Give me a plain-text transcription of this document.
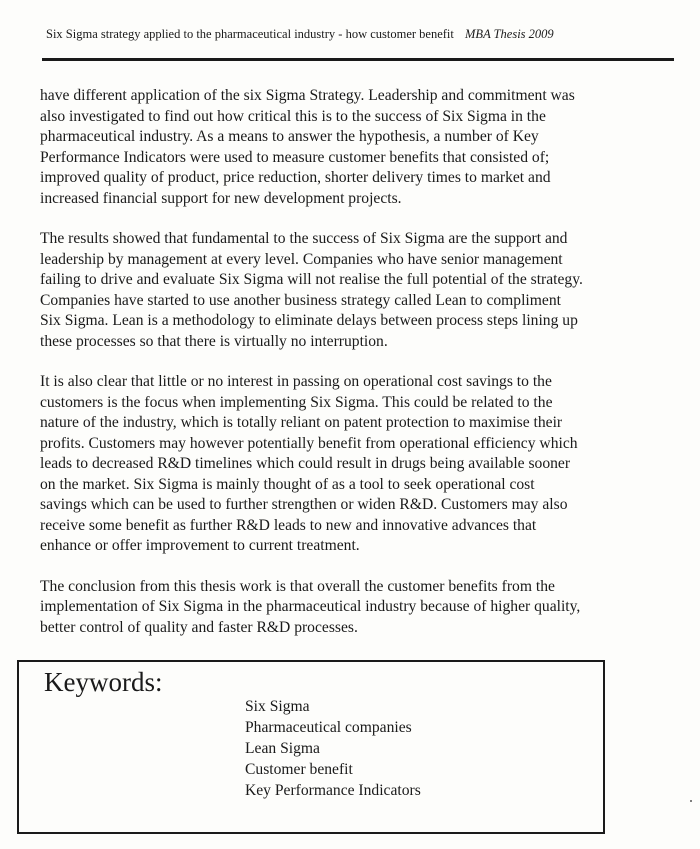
Six Sigma strategy applied to the pharmaceutical industry - how customer benefit MBA Thesis 2009

have different application of the six Sigma Strategy. Leadership and commitment was
also investigated to find out how critical this is to the success of Six Sigma in the
pharmaceutical industry. As a means to answer the hypothesis, a number of Key
Performance Indicators were used to measure customer benefits that consisted of;
improved quality of product, price reduction, shorter delivery times to market and
increased financial support for new development projects.

The results showed that fundamental to the success of Six Sigma are the support and
leadership by management at every level. Companies who have senior management
failing to drive and evaluate Six Sigma will not realise the full potential of the strategy.
Companies have started to use another business strategy called Lean to compliment
Six Sigma. Lean is a methodology to eliminate delays between process steps lining up
these processes so that there is virtually no interruption.

It is also clear that little or no interest in passing on operational cost savings to the
customers is the focus when implementing Six Sigma. This could be related to the
nature of the industry, which is totally reliant on patent protection to maximise their
profits. Customers may however potentially benefit from operational efficiency which
leads to decreased R&D timelines which could result in drugs being available sooner
on the market. Six Sigma is mainly thought of as a tool to seek operational cost
savings which can be used to further strengthen or widen R&D. Customers may also
receive some benefit as further R&D leads to new and innovative advances that
enhance or offer improvement to current treatment.

The conclusion from this thesis work is that overall the customer benefits from the
implementation of Six Sigma in the pharmaceutical industry because of higher quality,
better control of quality and faster R&D processes.

Keywords:
Six Sigma
Pharmaceutical companies
Lean Sigma
Customer benefit
Key Performance Indicators
